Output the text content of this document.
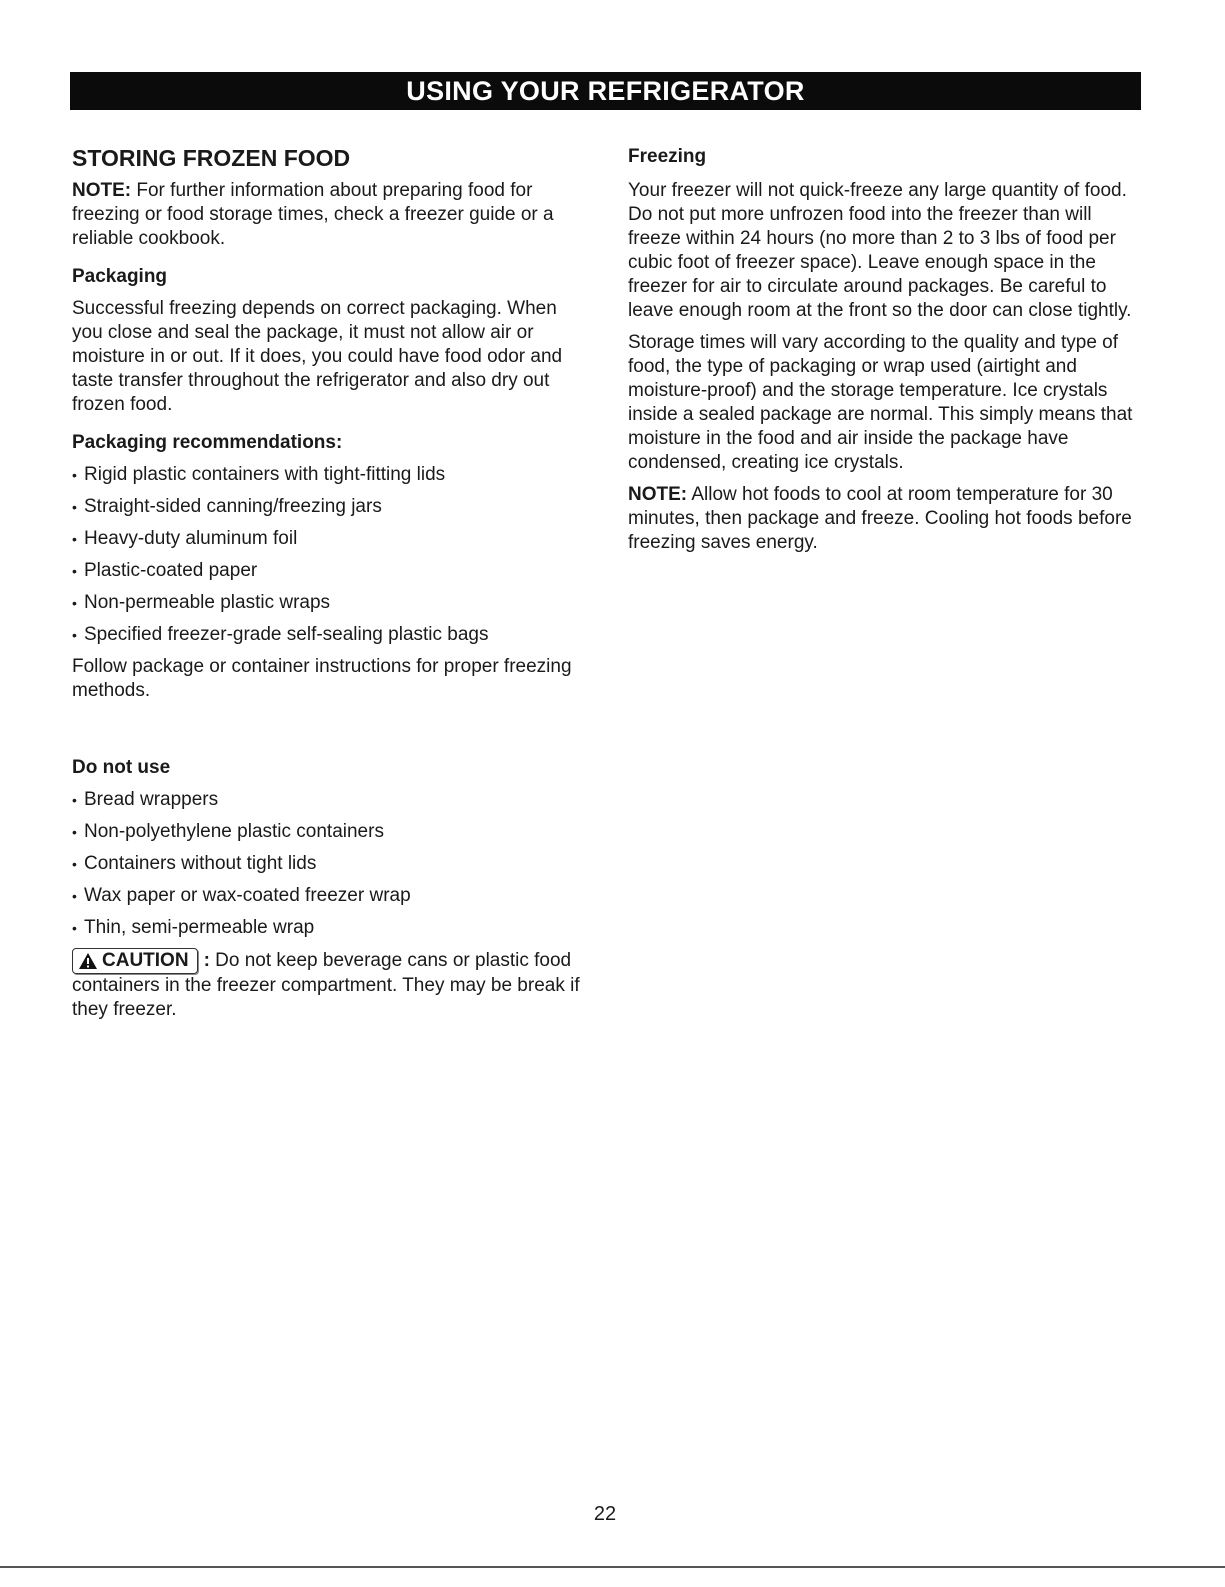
USING YOUR REFRIGERATOR
STORING FROZEN FOOD

NOTE: For further information about preparing food for freezing or food storage times, check a freezer guide or a reliable cookbook.

Packaging

Successful freezing depends on correct packaging. When you close and seal the package, it must not allow air or moisture in or out. If it does, you could have food odor and taste transfer throughout the refrigerator and also dry out frozen food.

Packaging recommendations:
• Rigid plastic containers with tight-fitting lids
• Straight-sided canning/freezing jars
• Heavy-duty aluminum foil
• Plastic-coated paper
• Non-permeable plastic wraps
• Specified freezer-grade self-sealing plastic bags

Follow package or container instructions for proper freezing methods.

Do not use
• Bread wrappers
• Non-polyethylene plastic containers
• Containers without tight lids
• Wax paper or wax-coated freezer wrap
• Thin, semi-permeable wrap

CAUTION : Do not keep beverage cans or plastic food containers in the freezer compartment. They may be break if they freezer.

Freezing

Your freezer will not quick-freeze any large quantity of food. Do not put more unfrozen food into the freezer than will freeze within 24 hours (no more than 2 to 3 lbs of food per cubic foot of freezer space). Leave enough space in the freezer for air to circulate around packages. Be careful to leave enough room at the front so the door can close tightly.

Storage times will vary according to the quality and type of food, the type of packaging or wrap used (airtight and moisture-proof) and the storage temperature. Ice crystals inside a sealed package are normal. This simply means that moisture in the food and air inside the package have condensed, creating ice crystals.

NOTE: Allow hot foods to cool at room temperature for 30 minutes, then package and freeze. Cooling hot foods before freezing saves energy.

22
